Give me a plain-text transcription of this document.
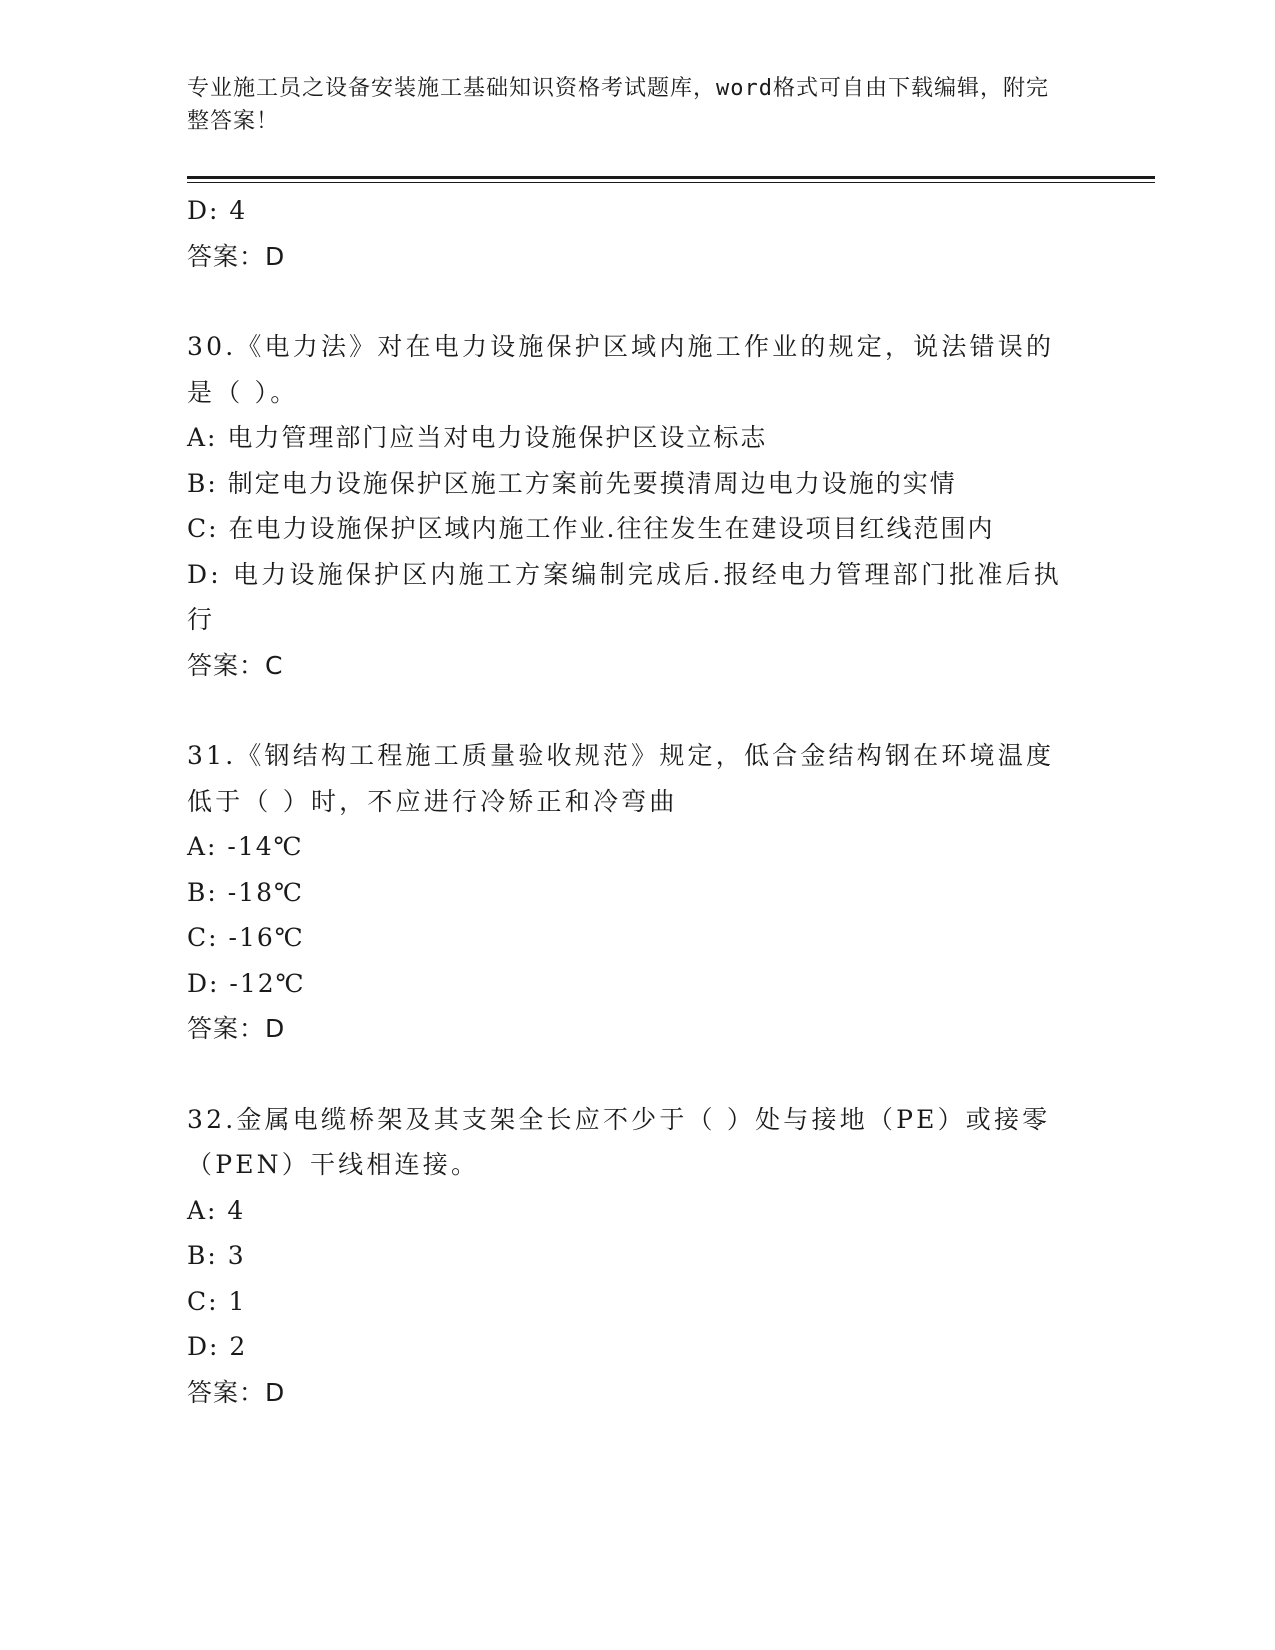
专业施工员之设备安装施工基础知识资格考试题库，word格式可自由下载编辑，附完整答案！
D: 4
答案：D
30.《电力法》对在电力设施保护区域内施工作业的规定，说法错误的是（ ）。
A: 电力管理部门应当对电力设施保护区设立标志
B: 制定电力设施保护区施工方案前先要摸清周边电力设施的实情
C: 在电力设施保护区域内施工作业.往往发生在建设项目红线范围内
D: 电力设施保护区内施工方案编制完成后.报经电力管理部门批准后执行
答案：C
31.《钢结构工程施工质量验收规范》规定，低合金结构钢在环境温度低于（ ）时，不应进行冷矫正和冷弯曲
A: -14℃
B: -18℃
C: -16℃
D: -12℃
答案：D
32.金属电缆桥架及其支架全长应不少于（ ）处与接地（PE）或接零（PEN）干线相连接。
A: 4
B: 3
C: 1
D: 2
答案：D
